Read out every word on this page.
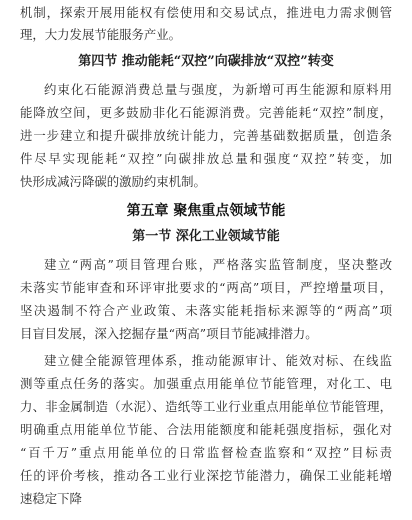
机制，探索开展用能权有偿使用和交易试点，推进电力需求侧管
理，大力发展节能服务产业。
第四节 推动能耗“双控”向碳排放“双控”转变
约束化石能源消费总量与强度，为新增可再生能源和原料用
能降放空间，更多鼓励非化石能源消费。完善能耗“双控”制度，
进一步建立和提升碳排放统计能力，完善基础数据质量，创造条
件尽早实现能耗“双控”向碳排放总量和强度“双控”转变，加
快形成减污降碳的激励约束机制。
第五章 聚焦重点领域节能
第一节 深化工业领域节能
建立“两高”项目管理台账，严格落实监管制度，坚决整改
未落实节能审查和环评审批要求的“两高”项目，严控增量项目，
坚决遏制不符合产业政策、未落实能耗指标来源等的“两高”项
目盲目发展，深入挖掘存量“两高”项目节能减排潜力。
建立健全能源管理体系，推动能源审计、能效对标、在线监
测等重点任务的落实。加强重点用能单位节能管理，对化工、电
力、非金属制造（水泥）、造纸等工业行业重点用能单位节能管理，
明确重点用能单位节能、合法用能额度和能耗强度指标，强化对
“百千万”重点用能单位的日常监督检查监察和“双控”目标责
任的评价考核，推动各工业行业深挖节能潜力，确保工业能耗增
速稳定下降
